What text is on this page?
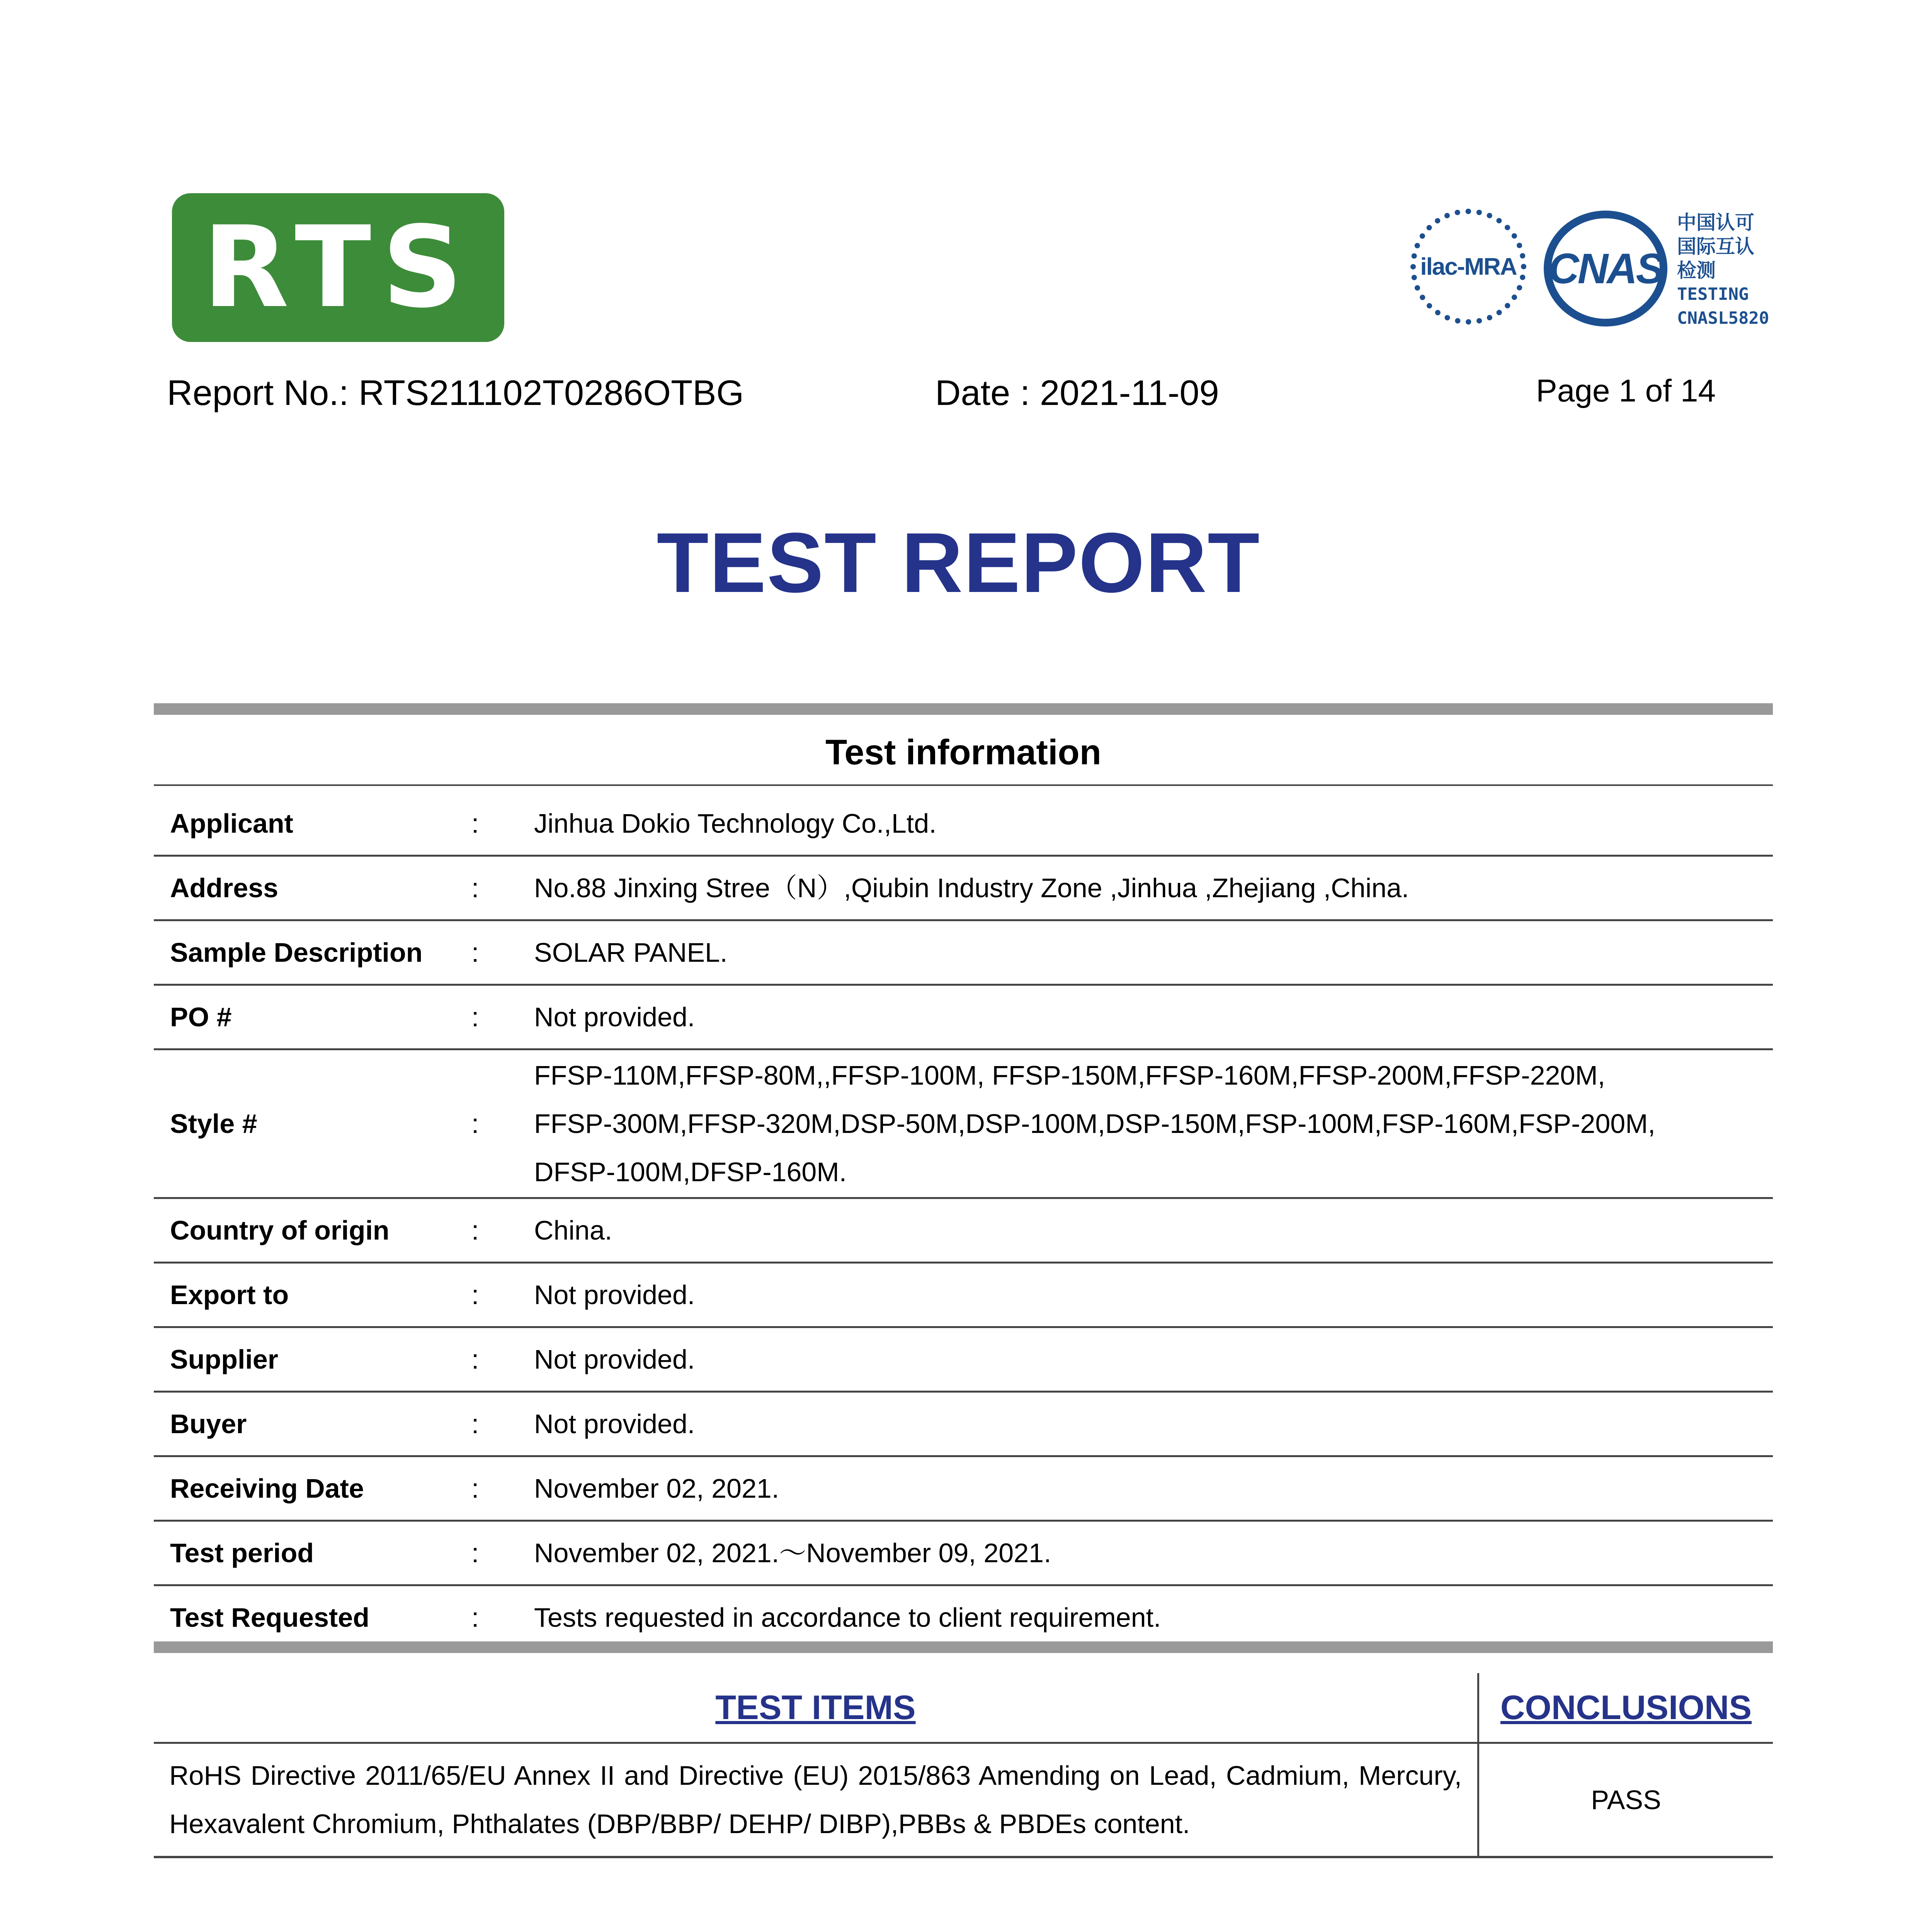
RTS	ilac-MRA CNAS
中国认可
国际互认
检测
TESTING
CNASL5820
Report No.: RTS211102T0286OTBG	Date : 2021-11-09	Page 1 of 14
TEST REPORT
Test information
Applicant	:	Jinhua Dokio Technology Co.,Ltd.
Address	:	No.88 Jinxing Stree（N）,Qiubin Industry Zone ,Jinhua ,Zhejiang ,China.
Sample Description	:	SOLAR PANEL.
PO #	:	Not provided.
Style #	:	FFSP-110M,FFSP-80M,,FFSP-100M, FFSP-150M,FFSP-160M,FFSP-200M,FFSP-220M,
FFSP-300M,FFSP-320M,DSP-50M,DSP-100M,DSP-150M,FSP-100M,FSP-160M,FSP-200M,
DFSP-100M,DFSP-160M.

Country of origin	:	China.
Export to	:	Not provided.
Supplier	:	Not provided.
Buyer	:	Not provided.
Receiving Date	:	November 02, 2021.
Test period	:	November 02, 2021.～November 09, 2021.
Test Requested	:	Tests requested in accordance to client requirement.
TEST ITEMS	CONCLUSIONS
RoHS Directive 2011/65/EU Annex II and Directive (EU) 2015/863 Amending on Lead, Cadmium, Mercury, Hexavalent Chromium, Phthalates (DBP/BBP/ DEHP/ DIBP),PBBs & PBDEs content.	PASS
